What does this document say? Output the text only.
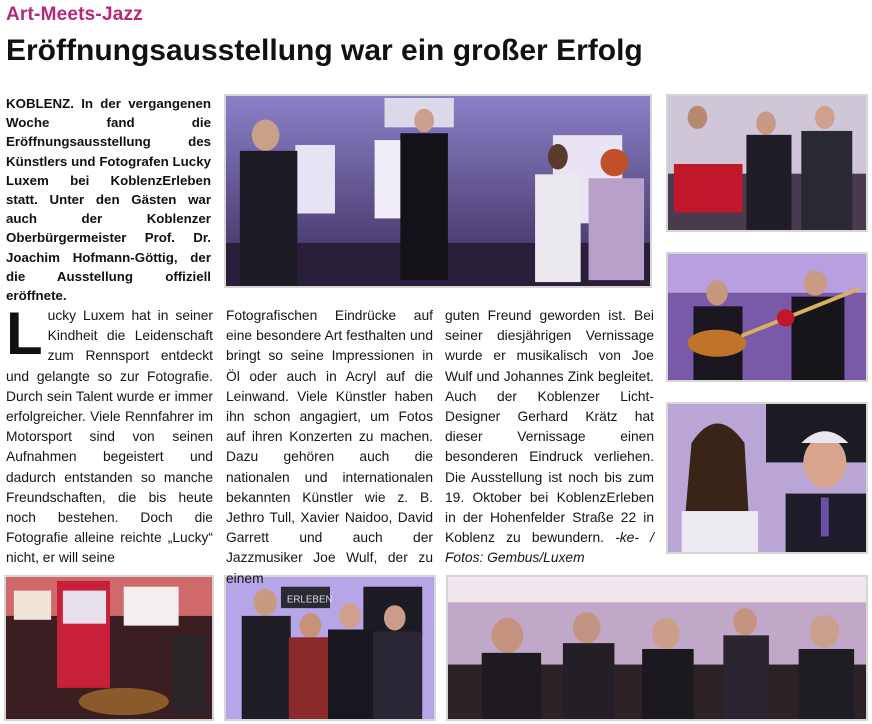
Art-Meets-Jazz
Eröffnungsausstellung war ein großer Erfolg
KOBLENZ. In der vergangenen Woche fand die Eröffnungsausstellung des Künstlers und Fotografen Lucky Luxem bei KoblenzErleben statt. Unter den Gästen war auch der Koblenzer Oberbürgermeister Prof. Dr. Joachim Hofmann-Göttig, der die Ausstellung offiziell eröffnete.
ERLEBEN
Lucky Luxem hat in seiner Kindheit die Leidenschaft zum Rennsport entdeckt und gelangte so zur Fotografie. Durch sein Talent wurde er immer erfolgreicher. Viele Rennfahrer im Motorsport sind von seinen Aufnahmen begeistert und dadurch entstanden so manche Freundschaften, die bis heute noch bestehen. Doch die Fotografie alleine reichte „Lucky“ nicht, er will seine
Fotografischen Eindrücke auf eine besondere Art festhalten und bringt so seine Impressionen in Öl oder auch in Acryl auf die Leinwand. Viele Künstler haben ihn schon angagiert, um Fotos auf ihren Konzerten zu machen. Dazu gehören auch die nationalen und internationalen bekannten Künstler wie z. B. Jethro Tull, Xavier Naidoo, David Garrett und auch der Jazzmusiker Joe Wulf, der zu einem
guten Freund geworden ist. Bei seiner diesjährigen Vernissage wurde er musikalisch von Joe Wulf und Johannes Zink begleitet. Auch der Koblenzer Licht-Designer Gerhard Krätz hat dieser Vernissage einen besonderen Eindruck verliehen. Die Ausstellung ist noch bis zum 19. Oktober bei KoblenzErleben in der Hohenfelder Straße 22 in Koblenz zu bewundern. -ke- / Fotos: Gembus/Luxem
